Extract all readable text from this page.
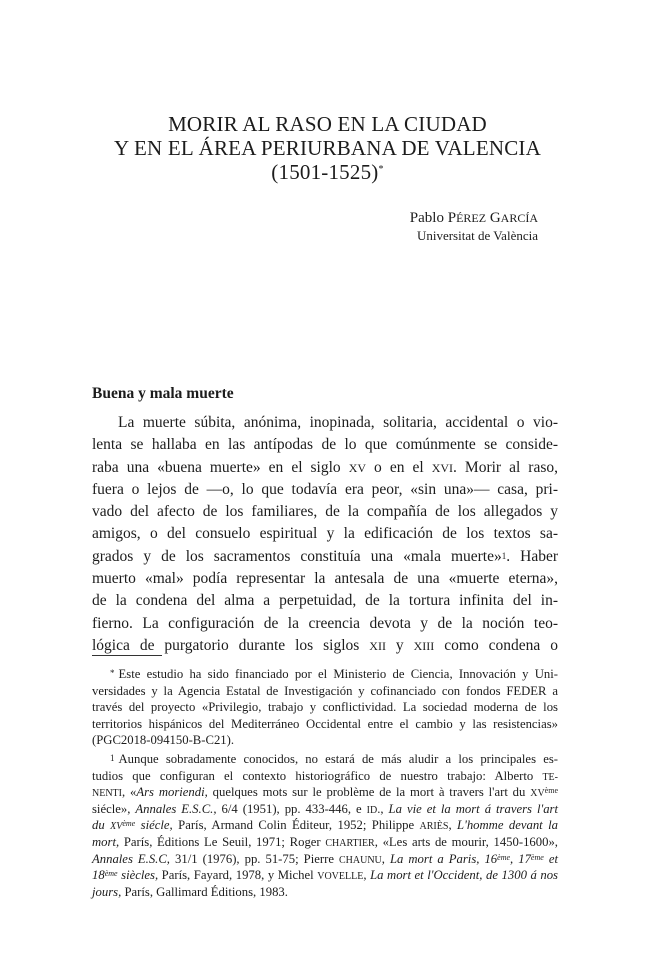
MORIR AL RASO EN LA CIUDAD
Y EN EL ÁREA PERIURBANA DE VALENCIA
(1501-1525)*
Pablo PÉREZ GARCÍA
Universitat de València
Buena y mala muerte
La muerte súbita, anónima, inopinada, solitaria, accidental o vio-
lenta se hallaba en las antípodas de lo que comúnmente se conside-
raba una «buena muerte» en el siglo XV o en el XVI. Morir al raso,
fuera o lejos de —o, lo que todavía era peor, «sin una»— casa, pri-
vado del afecto de los familiares, de la compañía de los allegados y
amigos, o del consuelo espiritual y la edificación de los textos sa-
grados y de los sacramentos constituía una «mala muerte»$^1$. Haber
muerto «mal» podía representar la antesala de una «muerte eterna»,
de la condena del alma a perpetuidad, de la tortura infinita del in-
fierno. La configuración de la creencia devota y de la noción teo-
lógica de purgatorio durante los siglos XII y XIII como condena o
* Este estudio ha sido financiado por el Ministerio de Ciencia, Innovación y Uni-
versidades y la Agencia Estatal de Investigación y cofinanciado con fondos FEDER a
través del proyecto «Privilegio, trabajo y conflictividad. La sociedad moderna de los
territorios hispánicos del Mediterráneo Occidental entre el cambio y las resistencias»
(PGC2018-094150-B-C21).
$^1$ Aunque sobradamente conocidos, no estará de más aludir a los principales es-
tudios que configuran el contexto historiográfico de nuestro trabajo: Alberto TE-
NENTI, «Ars moriendi, quelques mots sur le problème de la mort à travers l'art du XVème
siécle», Annales E.S.C., 6/4 (1951), pp. 433-446, e ID., La vie et la mort á travers l'art
du XVème siécle, París, Armand Colin Éditeur, 1952; Philippe ARIÈS, L'homme devant la
mort, París, Éditions Le Seuil, 1971; Roger CHARTIER, «Les arts de mourir, 1450-1600»,
Annales E.S.C, 31/1 (1976), pp. 51-75; Pierre CHAUNU, La mort a Paris, 16ème, 17ème et
18ème siècles, París, Fayard, 1978, y Michel VOVELLE, La mort et l'Occident, de 1300 á nos
jours, París, Gallimard Éditions, 1983.
